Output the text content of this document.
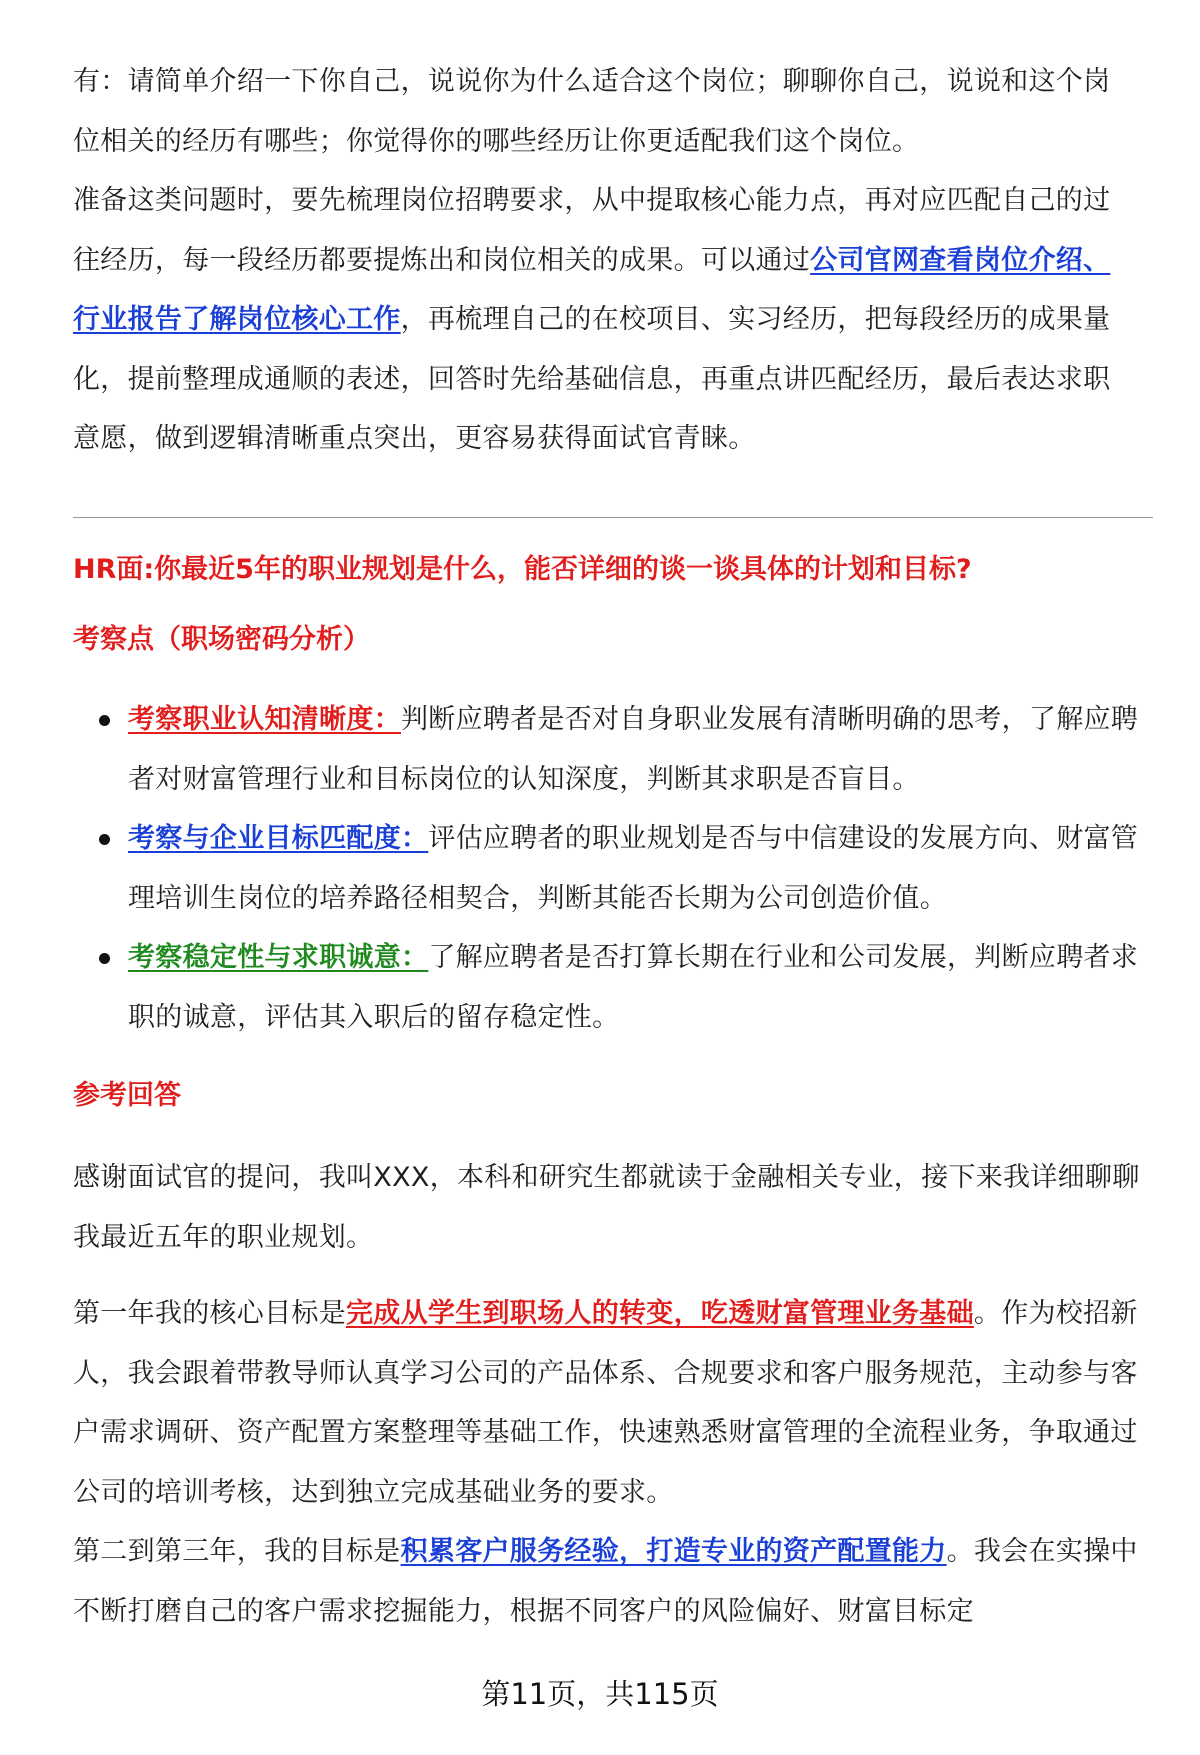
有：请简单介绍一下你自己，说说你为什么适合这个岗位；聊聊你自己，说说和这个岗位相关的经历有哪些；你觉得你的哪些经历让你更适配我们这个岗位。

准备这类问题时，要先梳理岗位招聘要求，从中提取核心能力点，再对应匹配自己的过往经历，每一段经历都要提炼出和岗位相关的成果。可以通过公司官网查看岗位介绍、行业报告了解岗位核心工作，再梳理自己的在校项目、实习经历，把每段经历的成果量化，提前整理成通顺的表述，回答时先给基础信息，再重点讲匹配经历，最后表达求职意愿，做到逻辑清晰重点突出，更容易获得面试官青睐。

HR面:你最近5年的职业规划是什么，能否详细的谈一谈具体的计划和目标?
考察点（职场密码分析）
考察职业认知清晰度：判断应聘者是否对自身职业发展有清晰明确的思考，了解应聘者对财富管理行业和目标岗位的认知深度，判断其求职是否盲目。
考察与企业目标匹配度：评估应聘者的职业规划是否与中信建设的发展方向、财富管理培训生岗位的培养路径相契合，判断其能否长期为公司创造价值。
考察稳定性与求职诚意：了解应聘者是否打算长期在行业和公司发展，判断应聘者求职的诚意，评估其入职后的留存稳定性。
参考回答

感谢面试官的提问，我叫XXX，本科和研究生都就读于金融相关专业，接下来我详细聊聊我最近五年的职业规划。

第一年我的核心目标是完成从学生到职场人的转变，吃透财富管理业务基础。作为校招新人，我会跟着带教导师认真学习公司的产品体系、合规要求和客户服务规范，主动参与客户需求调研、资产配置方案整理等基础工作，快速熟悉财富管理的全流程业务，争取通过公司的培训考核，达到独立完成基础业务的要求。

第二到第三年，我的目标是积累客户服务经验，打造专业的资产配置能力。我会在实操中不断打磨自己的客户需求挖掘能力，根据不同客户的风险偏好、财富目标定

第11页，共115页
